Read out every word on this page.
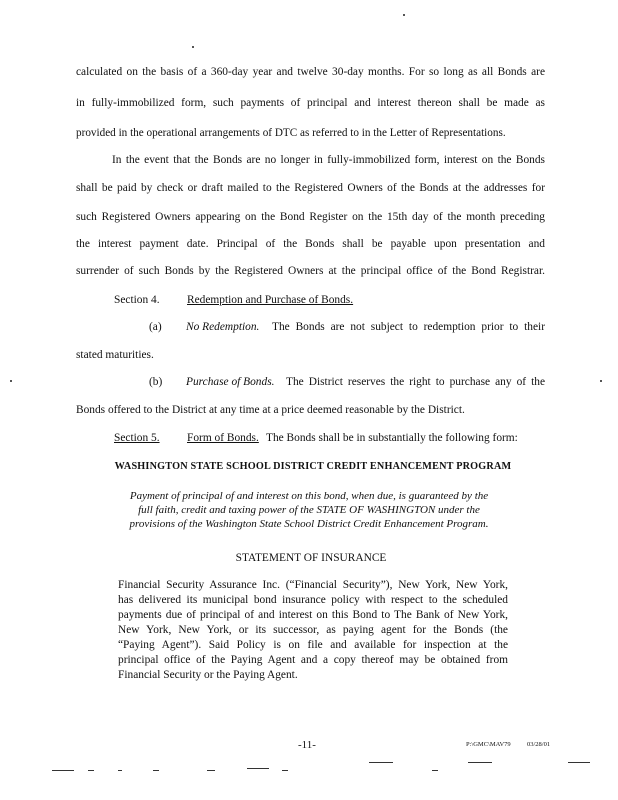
calculated on the basis of a 360-day year and twelve 30-day months. For so long as all Bonds are
in fully-immobilized form, such payments of principal and interest thereon shall be made as
provided in the operational arrangements of DTC as referred to in the Letter of Representations.
In the event that the Bonds are no longer in fully-immobilized form, interest on the Bonds
shall be paid by check or draft mailed to the Registered Owners of the Bonds at the addresses for
such Registered Owners appearing on the Bond Register on the 15th day of the month preceding
the interest payment date. Principal of the Bonds shall be payable upon presentation and
surrender of such Bonds by the Registered Owners at the principal office of the Bond Registrar.
Section 4. Redemption and Purchase of Bonds.
(a) No Redemption. The Bonds are not subject to redemption prior to their
stated maturities.
(b) Purchase of Bonds. The District reserves the right to purchase any of the
Bonds offered to the District at any time at a price deemed reasonable by the District.
Section 5. Form of Bonds. The Bonds shall be in substantially the following form:
WASHINGTON STATE SCHOOL DISTRICT CREDIT ENHANCEMENT PROGRAM
Payment of principal of and interest on this bond, when due, is guaranteed by the
full faith, credit and taxing power of the STATE OF WASHINGTON under the
provisions of the Washington State School District Credit Enhancement Program.
STATEMENT OF INSURANCE
Financial Security Assurance Inc. (“Financial Security”), New York, New York,
has delivered its municipal bond insurance policy with respect to the scheduled
payments due of principal of and interest on this Bond to The Bank of New York,
New York, New York, or its successor, as paying agent for the Bonds (the
“Paying Agent”). Said Policy is on file and available for inspection at the
principal office of the Paying Agent and a copy thereof may be obtained from
Financial Security or the Paying Agent.
-11-	P:\GMC\MAV79	03/28/01
